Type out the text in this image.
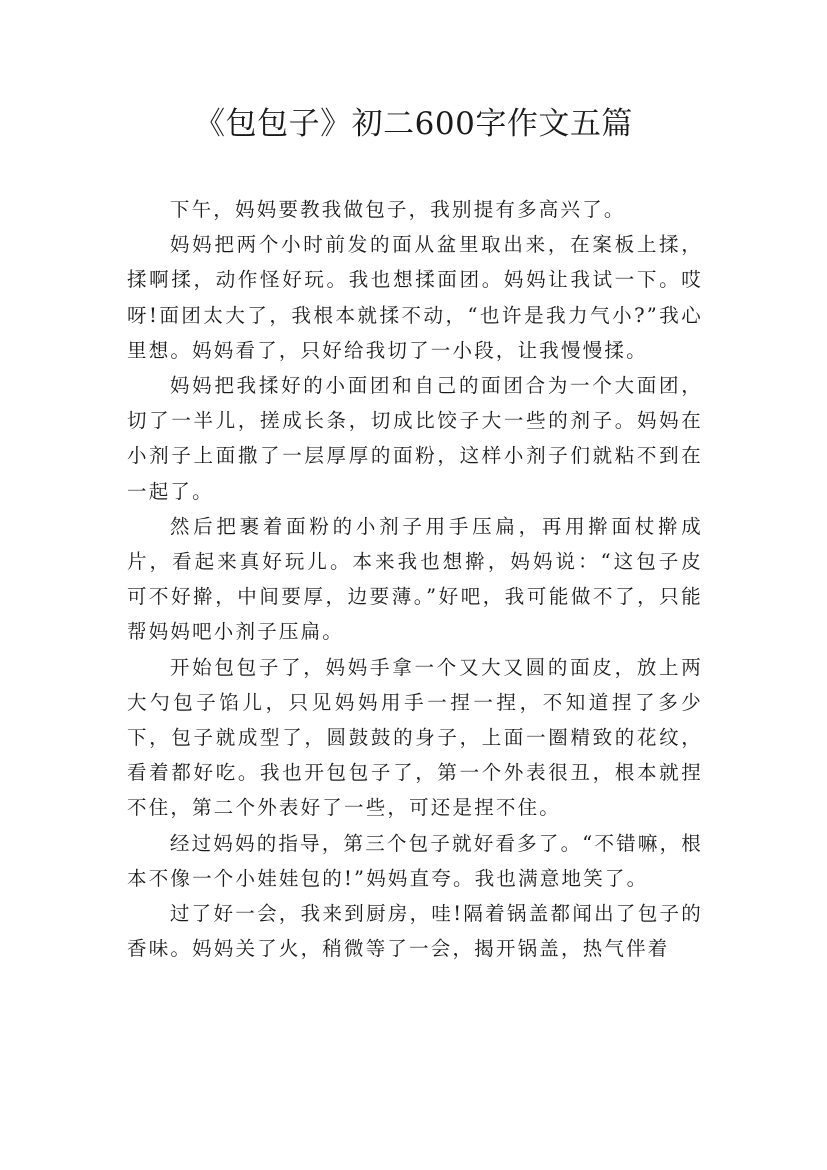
《包包子》初二600字作文五篇

下午，妈妈要教我做包子，我别提有多高兴了。

妈妈把两个小时前发的面从盆里取出来，在案板上揉，揉啊揉，动作怪好玩。我也想揉面团。妈妈让我试一下。哎呀!面团太大了，我根本就揉不动，“也许是我力气小?”我心里想。妈妈看了，只好给我切了一小段，让我慢慢揉。

妈妈把我揉好的小面团和自己的面团合为一个大面团，切了一半儿，搓成长条，切成比饺子大一些的剂子。妈妈在小剂子上面撒了一层厚厚的面粉，这样小剂子们就粘不到在一起了。

然后把裹着面粉的小剂子用手压扁，再用擀面杖擀成片，看起来真好玩儿。本来我也想擀，妈妈说：“这包子皮可不好擀，中间要厚，边要薄。”好吧，我可能做不了，只能帮妈妈吧小剂子压扁。

开始包包子了，妈妈手拿一个又大又圆的面皮，放上两大勺包子馅儿，只见妈妈用手一捏一捏，不知道捏了多少下，包子就成型了，圆鼓鼓的身子，上面一圈精致的花纹，看着都好吃。我也开包包子了，第一个外表很丑，根本就捏不住，第二个外表好了一些，可还是捏不住。

经过妈妈的指导，第三个包子就好看多了。“不错嘛，根本不像一个小娃娃包的!”妈妈直夸。我也满意地笑了。

过了好一会，我来到厨房，哇!隔着锅盖都闻出了包子的香味。妈妈关了火，稍微等了一会，揭开锅盖，热气伴着
